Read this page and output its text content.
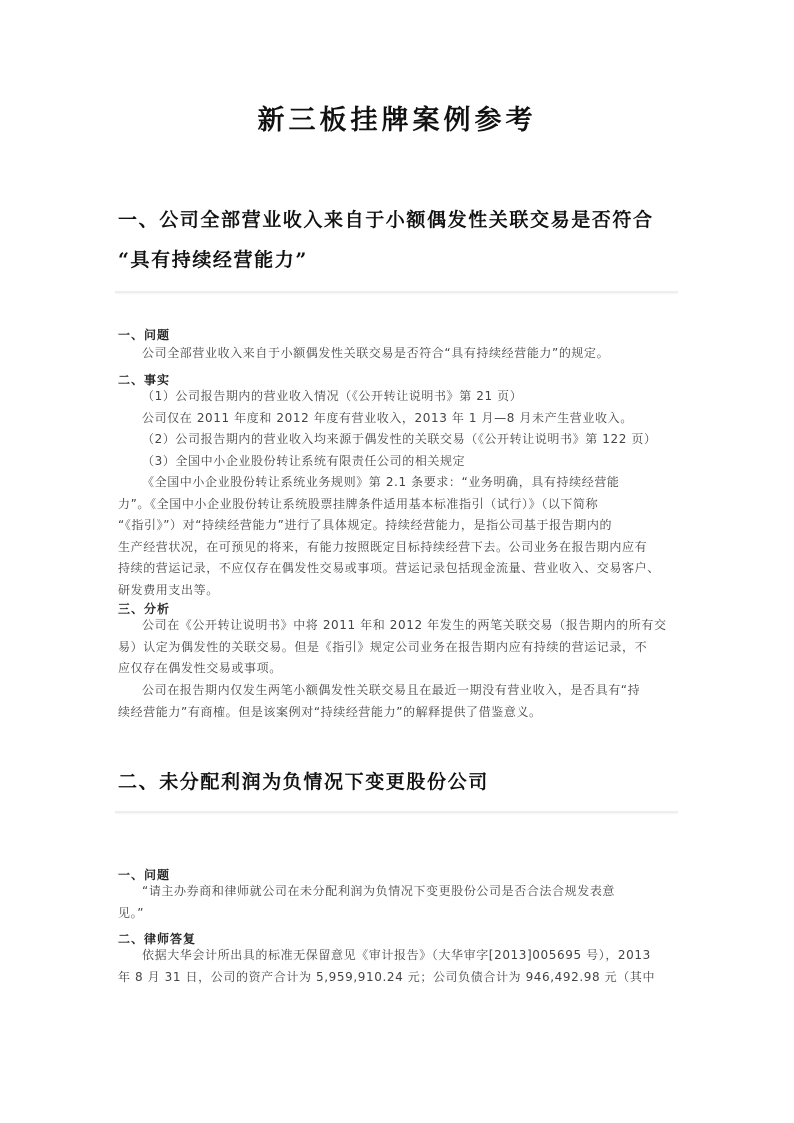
新三板挂牌案例参考
一、公司全部营业收入来自于小额偶发性关联交易是否符合
“具有持续经营能力”
一、问题
公司全部营业收入来自于小额偶发性关联交易是否符合“具有持续经营能力”的规定。
二、事实
（1）公司报告期内的营业收入情况（《公开转让说明书》第 21 页）
公司仅在 2011 年度和 2012 年度有营业收入，2013 年 1 月—8 月未产生营业收入。
（2）公司报告期内的营业收入均来源于偶发性的关联交易（《公开转让说明书》第 122 页）
（3）全国中小企业股份转让系统有限责任公司的相关规定
《全国中小企业股份转让系统业务规则》第 2.1 条要求：“业务明确，具有持续经营能
力”。《全国中小企业股份转让系统股票挂牌条件适用基本标准指引（试行）》（以下简称
“《指引》”）对“持续经营能力”进行了具体规定。持续经营能力，是指公司基于报告期内的
生产经营状况，在可预见的将来，有能力按照既定目标持续经营下去。公司业务在报告期内应有
持续的营运记录，不应仅存在偶发性交易或事项。营运记录包括现金流量、营业收入、交易客户、
研发费用支出等。
三、分析
公司在《公开转让说明书》中将 2011 年和 2012 年发生的两笔关联交易（报告期内的所有交
易）认定为偶发性的关联交易。但是《指引》规定公司业务在报告期内应有持续的营运记录，不
应仅存在偶发性交易或事项。
公司在报告期内仅发生两笔小额偶发性关联交易且在最近一期没有营业收入，是否具有“持
续经营能力”有商榷。但是该案例对“持续经营能力”的解释提供了借鉴意义。
二、未分配利润为负情况下变更股份公司
一、问题
“请主办券商和律师就公司在未分配利润为负情况下变更股份公司是否合法合规发表意
见。”
二、律师答复
依据大华会计所出具的标准无保留意见《审计报告》（大华审字[2013]005695 号），2013
年 8 月 31 日，公司的资产合计为 5,959,910.24 元；公司负债合计为 946,492.98 元（其中
